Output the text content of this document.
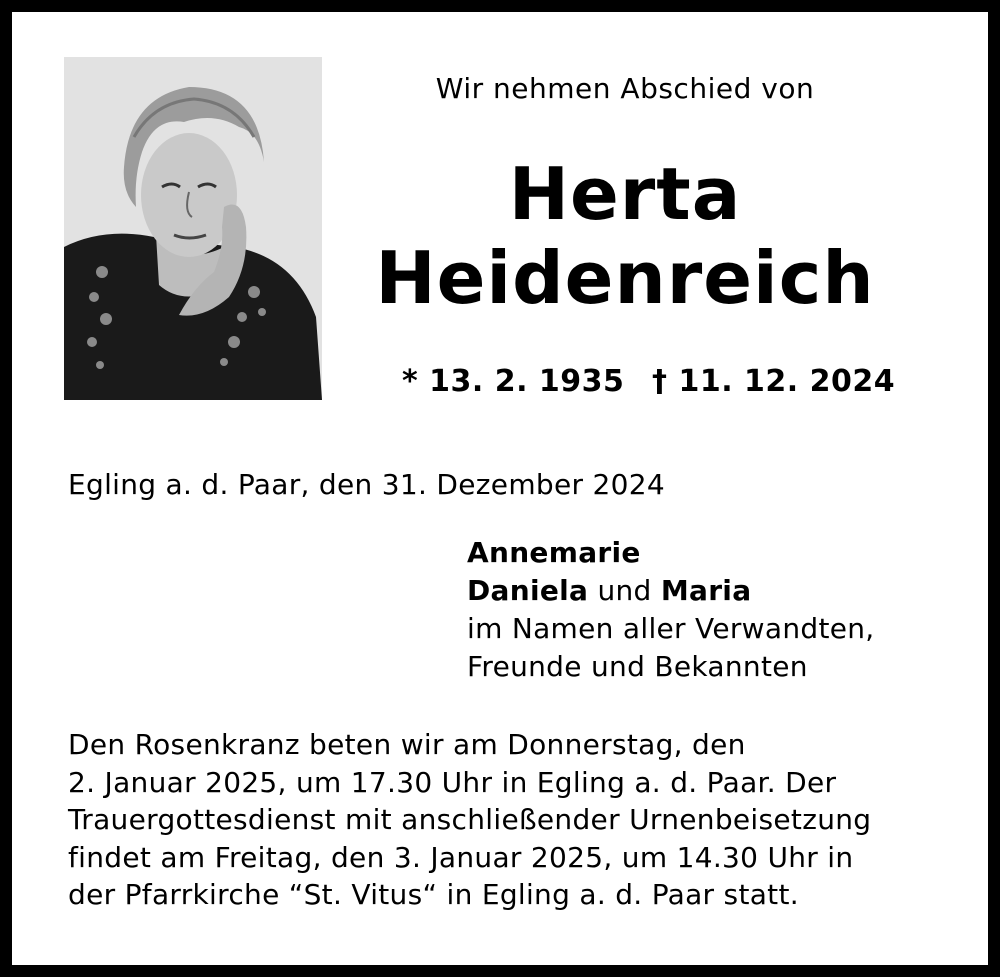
Wir nehmen Abschied von
Herta
Heidenreich
* 13. 2. 1935 † 11. 12. 2024
Egling a. d. Paar, den 31. Dezember 2024
Annemarie
Daniela und Maria
im Namen aller Verwandten,
Freunde und Bekannten
Den Rosenkranz beten wir am Donnerstag, den
2. Januar 2025, um 17.30 Uhr in Egling a. d. Paar. Der
Trauergottesdienst mit anschließender Urnenbeisetzung
findet am Freitag, den 3. Januar 2025, um 14.30 Uhr in
der Pfarrkirche “St. Vitus“ in Egling a. d. Paar statt.
